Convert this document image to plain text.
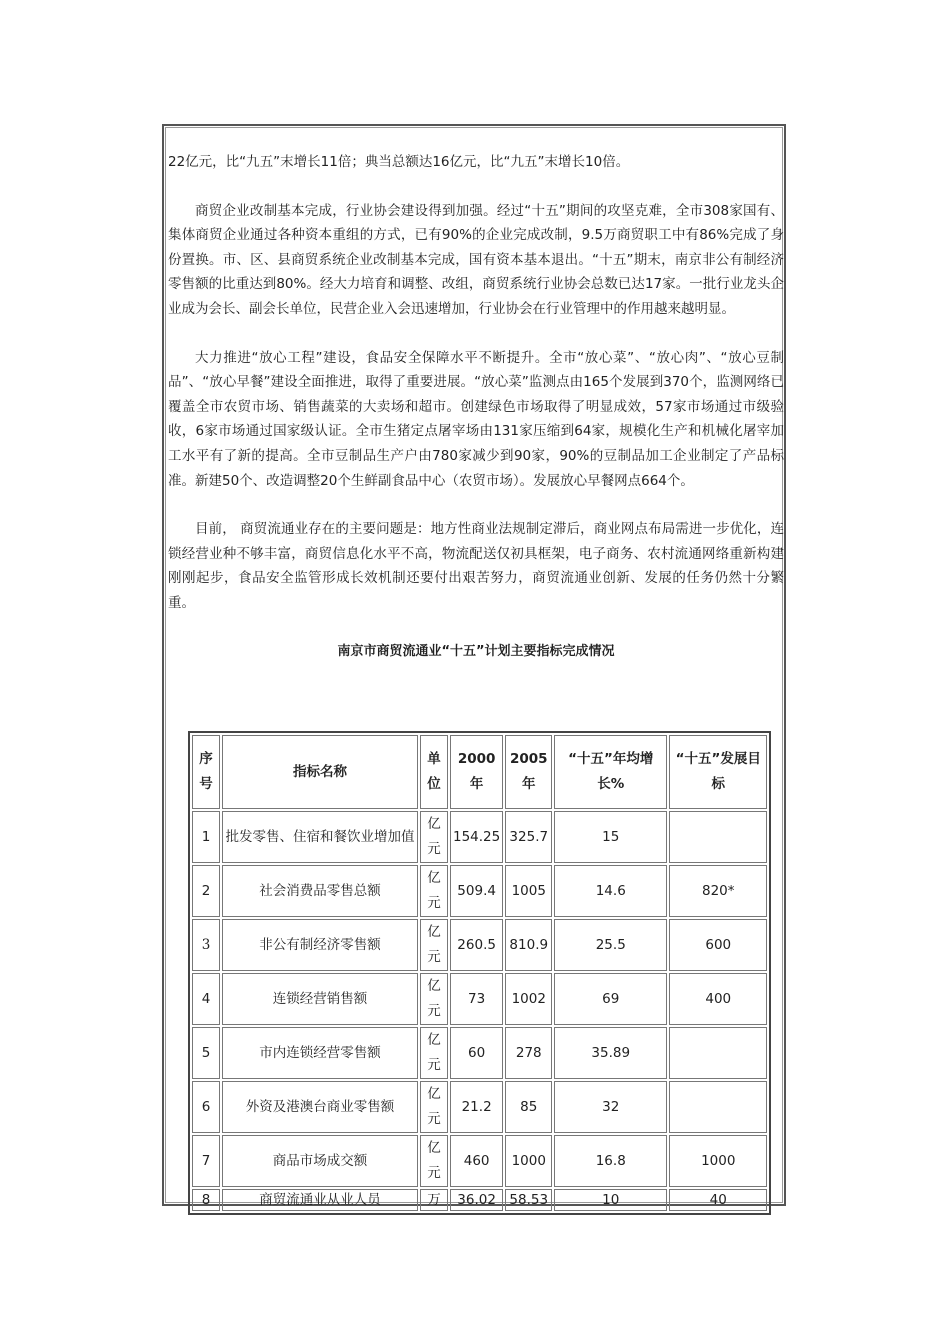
22亿元，比“九五”末增长11倍；典当总额达16亿元，比“九五”末增长10倍。

商贸企业改制基本完成，行业协会建设得到加强。经过“十五”期间的攻坚克难，全市308家国有、集体商贸企业通过各种资本重组的方式，已有90%的企业完成改制，9.5万商贸职工中有86%完成了身份置换。市、区、县商贸系统企业改制基本完成，国有资本基本退出。“十五”期末，南京非公有制经济零售额的比重达到80%。经大力培育和调整、改组，商贸系统行业协会总数已达17家。一批行业龙头企业成为会长、副会长单位，民营企业入会迅速增加，行业协会在行业管理中的作用越来越明显。

大力推进“放心工程”建设，食品安全保障水平不断提升。全市“放心菜”、“放心肉”、“放心豆制品”、“放心早餐”建设全面推进，取得了重要进展。“放心菜”监测点由165个发展到370个，监测网络已覆盖全市农贸市场、销售蔬菜的大卖场和超市。创建绿色市场取得了明显成效，57家市场通过市级验收，6家市场通过国家级认证。全市生猪定点屠宰场由131家压缩到64家，规模化生产和机械化屠宰加工水平有了新的提高。全市豆制品生产户由780家减少到90家，90%的豆制品加工企业制定了产品标准。新建50个、改造调整20个生鲜副食品中心（农贸市场）。发展放心早餐网点664个。

目前， 商贸流通业存在的主要问题是：地方性商业法规制定滞后，商业网点布局需进一步优化，连锁经营业种不够丰富，商贸信息化水平不高，物流配送仅初具框架，电子商务、农村流通网络重新构建刚刚起步，食品安全监管形成长效机制还要付出艰苦努力，商贸流通业创新、发展的任务仍然十分繁重。

南京市商贸流通业“十五”计划主要指标完成情况
序号	指标名称	单位	2000年	2005年	“十五”年均增长%	“十五”发展目标
1	批发零售、住宿和餐饮业增加值	亿元	154.25	325.7	15	
2	社会消费品零售总额	亿元	509.4	1005	14.6	820*
3	非公有制经济零售额	亿元	260.5	810.9	25.5	600
4	连锁经营销售额	亿元	73	1002	69	400
5	市内连锁经营零售额	亿元	60	278	35.89	
6	外资及港澳台商业零售额	亿元	21.2	85	32	
7	商品市场成交额	亿元	460	1000	16.8	1000
8	商贸流通业从业人员	万	36.02	58.53	10	40
